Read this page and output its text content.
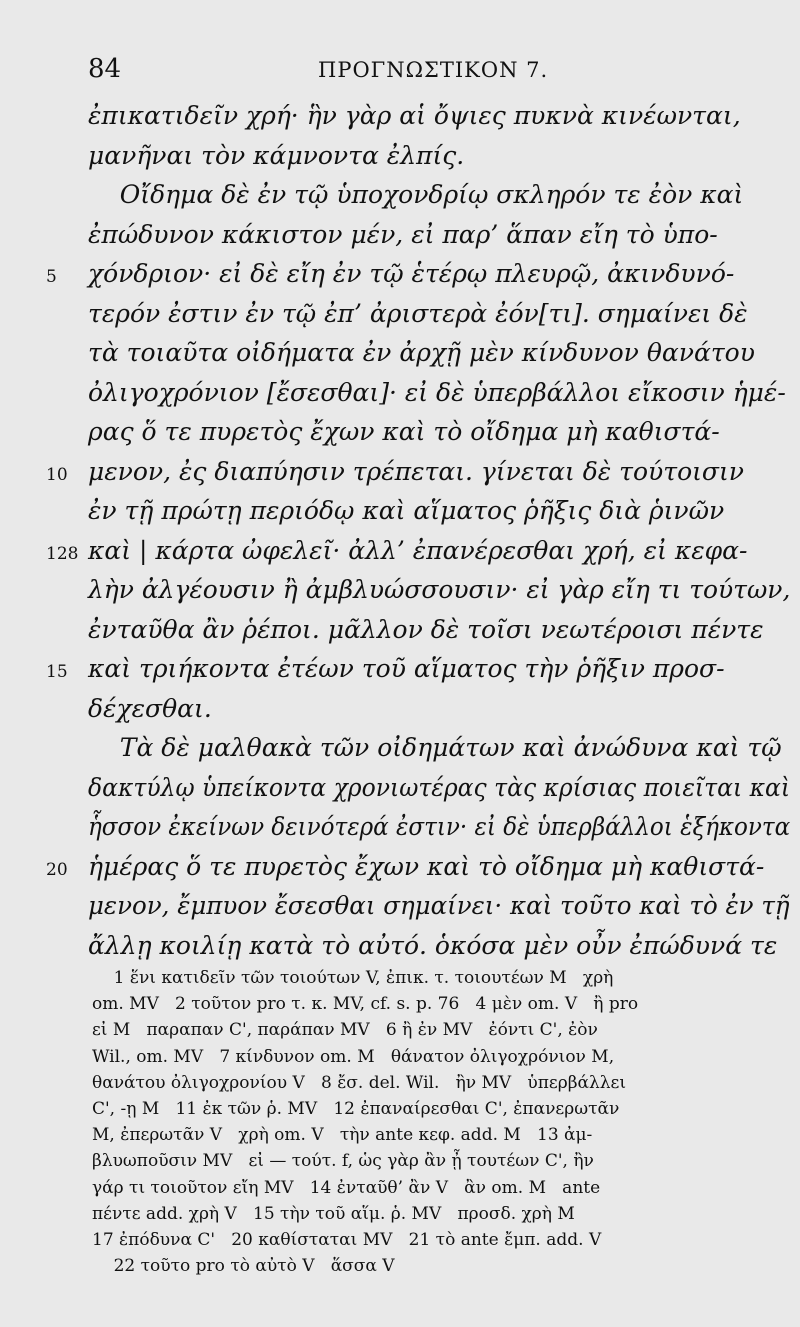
84	ΠΡΟΓΝΩΣΤΙΚΟΝ 7.
ἐπικατιδεῖν χρή· ἣν γὰρ αἱ ὄψιες πυκνὰ κινέωνται,
μανῆναι τὸν κάμνοντα ἐλπίς.
Οἴδημα δὲ ἐν τῷ ὑποχονδρίῳ σκληρόν τε ἐὸν καὶ
ἐπώδυνον κάκιστον μέν, εἰ παρ’ ἅπαν εἴη τὸ ὑπο-
5	χόνδριον· εἰ δὲ εἴη ἐν τῷ ἑτέρῳ πλευρῷ, ἀκινδυνό-
τερόν ἐστιν ἐν τῷ ἐπ’ ἀριστερὰ ἐόν[τι]. σημαίνει δὲ
τὰ τοιαῦτα οἰδήματα ἐν ἀρχῇ μὲν κίνδυνον θανάτου
ὀλιγοχρόνιον [ἔσεσθαι]· εἰ δὲ ὑπερβάλλοι εἴκοσιν ἡμέ-
ρας ὅ τε πυρετὸς ἔχων καὶ τὸ οἴδημα μὴ καθιστά-
10 μενον, ἐς διαπύησιν τρέπεται. γίνεται δὲ τούτοισιν
ἐν τῇ πρώτῃ περιόδῳ καὶ αἵματος ῥῆξις διὰ ῥινῶν
128 καὶ | κάρτα ὠφελεῖ· ἀλλ’ ἐπανέρεσθαι χρή, εἰ κεφα-
λὴν ἀλγέουσιν ἢ ἀμβλυώσσουσιν· εἰ γὰρ εἴη τι τούτων,
ἐνταῦθα ἂν ῥέποι. μᾶλλον δὲ τοῖσι νεωτέροισι πέντε
15 καὶ τριήκοντα ἐτέων τοῦ αἵματος τὴν ῥῆξιν προσ-
δέχεσθαι.
Τὰ δὲ μαλθακὰ τῶν οἰδημάτων καὶ ἀνώδυνα καὶ τῷ
δακτύλῳ ὑπείκοντα χρονιωτέρας τὰς κρίσιας ποιεῖται καὶ
ἧσσον ἐκείνων δεινότερά ἐστιν· εἰ δὲ ὑπερβάλλοι ἑξήκοντα
20 ἡμέρας ὅ τε πυρετὸς ἔχων καὶ τὸ οἴδημα μὴ καθιστά-
μενον, ἔμπυον ἔσεσθαι σημαίνει· καὶ τοῦτο καὶ τὸ ἐν τῇ
ἄλλῃ κοιλίῃ κατὰ τὸ αὐτό. ὁκόσα μὲν οὖν ἐπώδυνά τε
1 ἕνι κατιδεῖν τῶν τοιούτων V, ἐπικ. τ. τοιουτέων M   χρὴ
om. MV   2 τοῦτον pro τ. κ. MV, cf. s. p. 76   4 μὲν om. V   ἢ pro
εἰ M   παραπαν C', παράπαν MV   6 ἢ ἐν MV   ἐόντι C', ἐὸν
Wil., om. MV   7 κίνδυνον om. M   θάνατον ὀλιγοχρόνιον M,
θανάτου ὀλιγοχρονίου V   8 ἔσ. del. Wil.   ἢν MV   ὑπερβάλλει
C', -ῃ M   11 ἐκ τῶν ῥ. MV   12 ἐπαναίρεσθαι C', ἐπανερωτᾶν
M, ἐπερωτᾶν V   χρὴ om. V   τὴν ante κεφ. add. M   13 ἀμ-
βλυωποῦσιν MV   εἰ — τούτ. f, ὡς γὰρ ἂν ᾖ τουτέων C', ἢν
γάρ τι τοιοῦτον εἴη MV   14 ἐνταῦθ’ ἂν V   ἂν om. M   ante
πέντε add. χρὴ V   15 τὴν τοῦ αἵμ. ῥ. MV   προσδ. χρὴ M
17 ἐπόδυνα C'   20 καθίσταται MV   21 τὸ ante ἔμπ. add. V
22 τοῦτο pro τὸ αὐτὸ V   ἅσσα V
